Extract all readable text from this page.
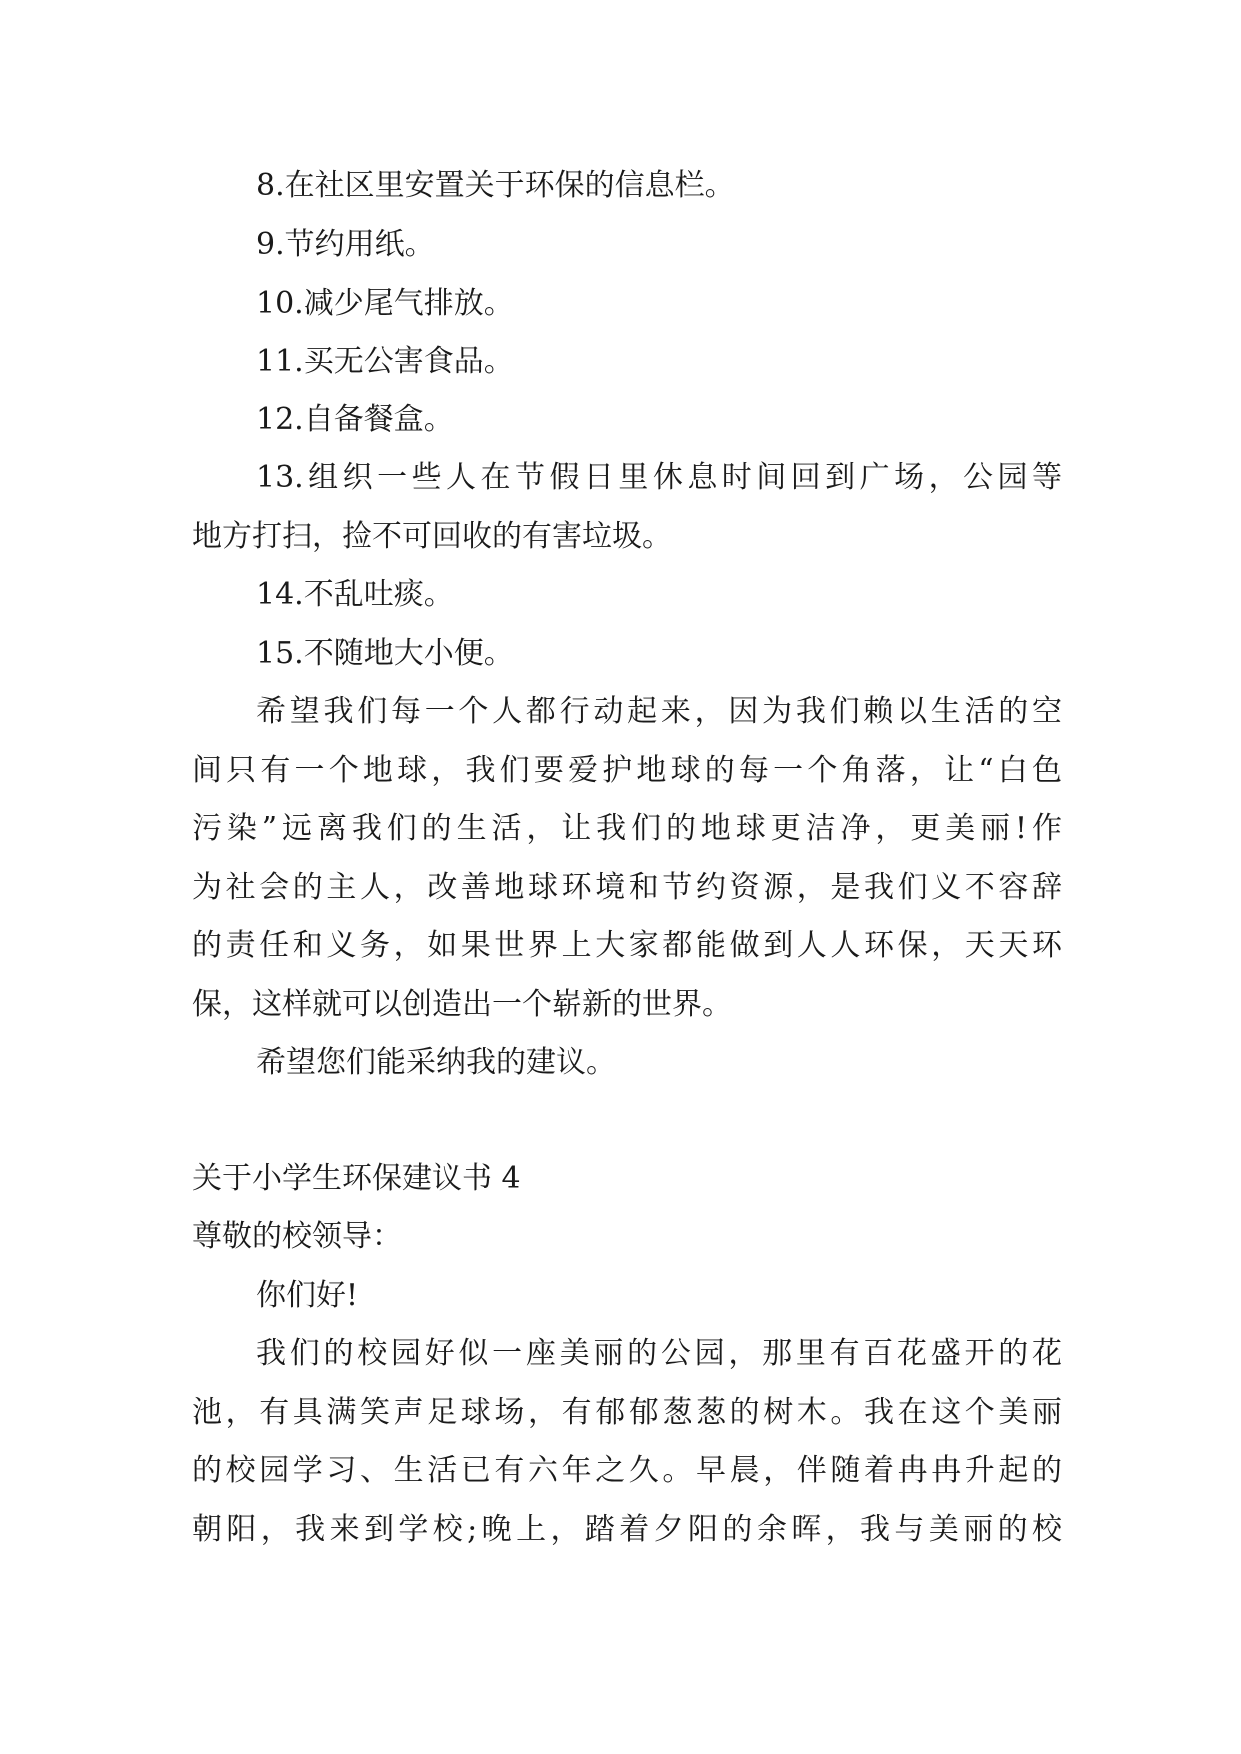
8.在社区里安置关于环保的信息栏。
9.节约用纸。
10.减少尾气排放。
11.买无公害食品。
12.自备餐盒。
13.组织一些人在节假日里休息时间回到广场，公园等
地方打扫，捡不可回收的有害垃圾。
14.不乱吐痰。
15.不随地大小便。
希望我们每一个人都行动起来，因为我们赖以生活的空
间只有一个地球，我们要爱护地球的每一个角落，让“白色
污染”远离我们的生活，让我们的地球更洁净，更美丽!作
为社会的主人，改善地球环境和节约资源，是我们义不容辞
的责任和义务，如果世界上大家都能做到人人环保，天天环
保，这样就可以创造出一个崭新的世界。
希望您们能采纳我的建议。
关于小学生环保建议书 4
尊敬的校领导：
你们好!
我们的校园好似一座美丽的公园，那里有百花盛开的花
池，有具满笑声足球场，有郁郁葱葱的树木。我在这个美丽
的校园学习、生活已有六年之久。早晨，伴随着冉冉升起的
朝阳，我来到学校;晚上，踏着夕阳的余晖，我与美丽的校
